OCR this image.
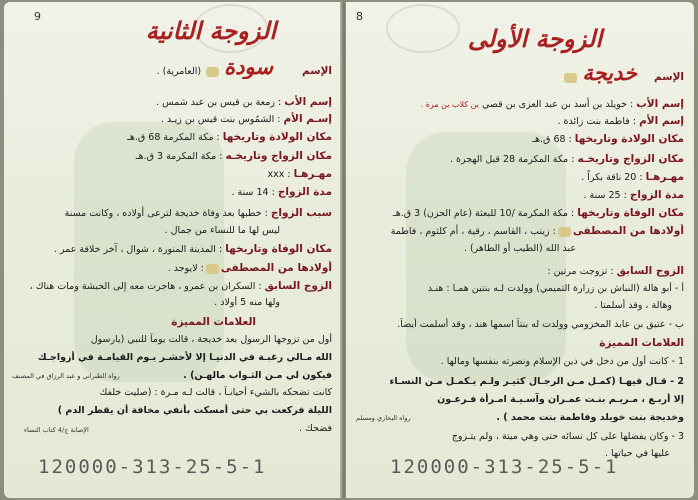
9	الزوجة الثانية
الإسم سودة  (العامرية) .
إسم الأب : زمعة بن قيس بن عبد شمس .
إسـم الأم : الشمُوس بنت قيس بن زيـد .
مكان الولادة وتاريخها : مكة المكرمة 68 ق.هـ
مكان الزواج وتاريخـه : مكة المكرمة 3 ق.هـ
مهـرهـا : xxx
مدة الزواج : 14 سنة .
سبب الزواج : خطبها بعد وفاة خديجة لترعى أولاده ، وكانت مسنة
ليس لها ما للنساء من جمال .
مكان الوفاة وتاريخها : المدينة المنورة ، شوال ، آخر خلافة عمر .
أولادها من المصطفى: لايوجد .
الزوج السابق : السكران بن عمرو ، هاجرت معه إلى الحبشة ومات هناك ،
ولها منه 5 أولاد .
العلامات المميزة
أول من تزوجها الرسول بعد خديجة ، قالت يوماً للنبي (يارسول
الله مـالي رغبـة في الدنيـا إلا لأحشـر يـوم القيامـة في أزواجـك
فيكون لي مـن الثـواب مالهـن) .
رواه الطبراني و عبد الرزاق في المصنف
كانت تضحكه بالشيء أحيانـاً ، قالت لـه مـرة : (صليت خلفك
الليلة فركعت بي حتى أمسكت بأنفي مخافة أن يقطر الدم )
فضحك .
الإصابة ج/4 كتاب النساء
120000-313-25-5-1
8
الزوجة الأولى
الإسم خديجة
إسم الأب : خويلد بن أسد بن عبد العزى بن قصي بن كلاب بن مرة .
إسم الأم : فاطمة بنت زائدة .
مكان الولادة وتاريخها : 68 ق.هـ
مكان الزواج وتاريخـه : مكة المكرمة 28 قبل الهجرة .
مهـرهـا : 20 ناقة بكراً .
مدة الزواج : 25 سنة .
مكان الوفاة وتاريخها : مكة المكرمة /10 للبعثة (عام الحزن) 3 ق.هـ
أولادها من المصطفى: زينب ، القاسم ، رقية ، أم كلثوم ، فاطمة
عبد الله (الطيب أو الطاهر) .
الزوج السابق : تزوجت مرتين :
أ - أبو هالة (النباش بن زرارة التميمي) وولدت لـه بنتين همـا : هنـد
وهالة ، وقد أسلمتا .
ب - عتيق بن عابد المخزومي وولدت له بنتاً اسمها هند ، وقد أسلمت أيضاً.
العلامات المميزة
1 - كانت أول من دخل في دين الإسلام ونصرته بنفسها ومالها .
2 - قـال فيهـا (كمـل مـن الرجـال كثيـر ولـم يـكمـل مـن النسـاء
إلا أربـع ، مـريـم بنـت عمـران وآسـيـة امـرأة فـرعـون
وخديجة بنت خويلد وفاطمة بنت محمد ) .
رواه البخاري ومسلم
3 - وكان يفضلها على كل نسائه حتى وهي ميتة ، ولم يتـزوج
عليها في حياتها .
120000-313-25-5-1
